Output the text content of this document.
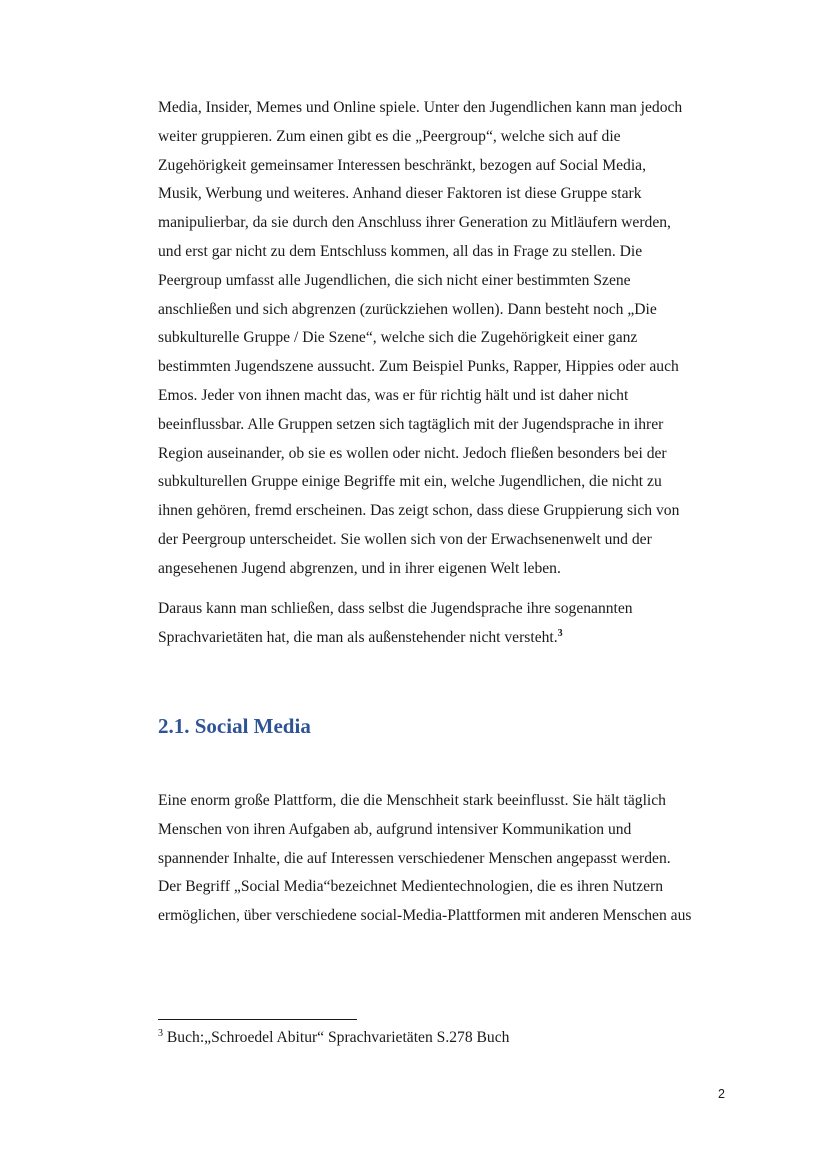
Media, Insider, Memes und Online spiele. Unter den Jugendlichen kann man jedoch
weiter gruppieren. Zum einen gibt es die „Peergroup“, welche sich auf die
Zugehörigkeit gemeinsamer Interessen beschränkt, bezogen auf Social Media,
Musik, Werbung und weiteres. Anhand dieser Faktoren ist diese Gruppe stark
manipulierbar, da sie durch den Anschluss ihrer Generation zu Mitläufern werden,
und erst gar nicht zu dem Entschluss kommen, all das in Frage zu stellen. Die
Peergroup umfasst alle Jugendlichen, die sich nicht einer bestimmten Szene
anschließen und sich abgrenzen (zurückziehen wollen). Dann besteht noch „Die
subkulturelle Gruppe / Die Szene“, welche sich die Zugehörigkeit einer ganz
bestimmten Jugendszene aussucht. Zum Beispiel Punks, Rapper, Hippies oder auch
Emos. Jeder von ihnen macht das, was er für richtig hält und ist daher nicht
beeinflussbar. Alle Gruppen setzen sich tagtäglich mit der Jugendsprache in ihrer
Region auseinander, ob sie es wollen oder nicht. Jedoch fließen besonders bei der
subkulturellen Gruppe einige Begriffe mit ein, welche Jugendlichen, die nicht zu
ihnen gehören, fremd erscheinen. Das zeigt schon, dass diese Gruppierung sich von
der Peergroup unterscheidet. Sie wollen sich von der Erwachsenenwelt und der
angesehenen Jugend abgrenzen, und in ihrer eigenen Welt leben.

Daraus kann man schließen, dass selbst die Jugendsprache ihre sogenannten
Sprachvarietäten hat, die man als außenstehender nicht versteht.$^3$

2.1. Social Media

Eine enorm große Plattform, die die Menschheit stark beeinflusst. Sie hält täglich
Menschen von ihren Aufgaben ab, aufgrund intensiver Kommunikation und
spannender Inhalte, die auf Interessen verschiedener Menschen angepasst werden.
Der Begriff „Social Media“bezeichnet Medientechnologien, die es ihren Nutzern
ermöglichen, über verschiedene social-Media-Plattformen mit anderen Menschen aus

$^3$ Buch:„Schroedel Abitur“ Sprachvarietäten S.278 Buch

2
